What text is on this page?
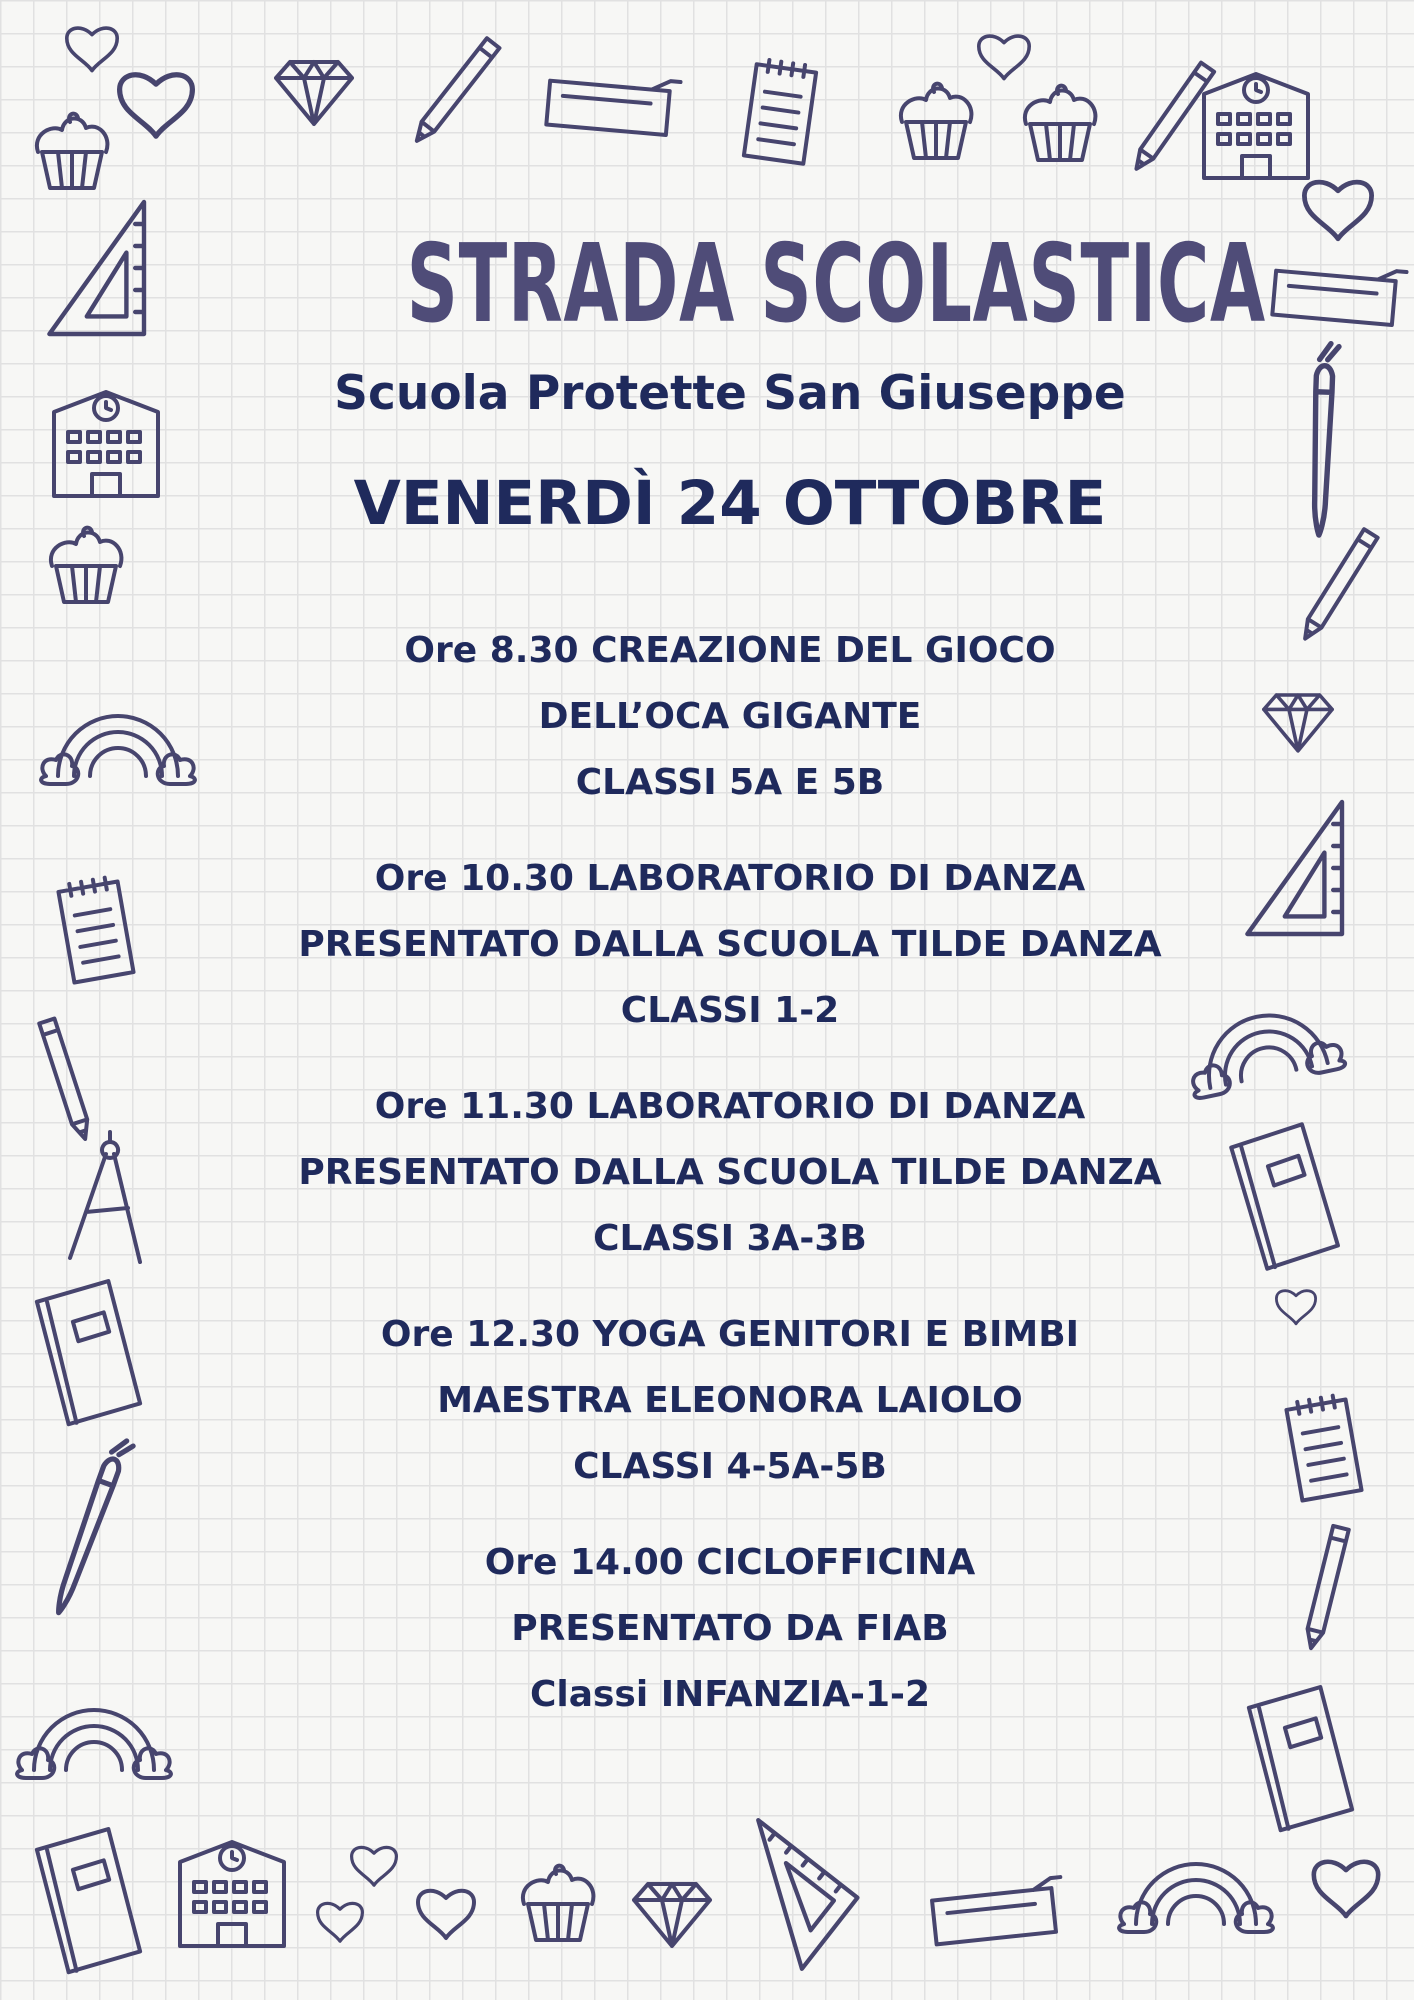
STRADA SCOLASTICA
Scuola Protette San Giuseppe
VENERDÌ 24 OTTOBRE
Ore 8.30 CREAZIONE DEL GIOCO
DELL’OCA GIGANTE
CLASSI 5A E 5B
Ore 10.30 LABORATORIO DI DANZA
PRESENTATO DALLA SCUOLA TILDE DANZA
CLASSI 1-2
Ore 11.30 LABORATORIO DI DANZA
PRESENTATO DALLA SCUOLA TILDE DANZA
CLASSI 3A-3B
Ore 12.30 YOGA GENITORI E BIMBI
MAESTRA ELEONORA LAIOLO
CLASSI 4-5A-5B
Ore 14.00 CICLOFFICINA
PRESENTATO DA FIAB
Classi INFANZIA-1-2
